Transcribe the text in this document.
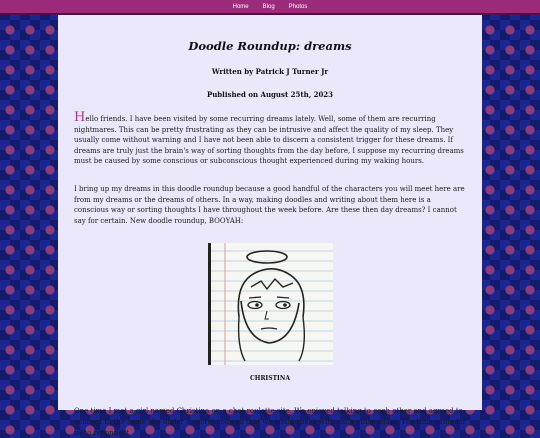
Home Blog Photos
Doodle Roundup: dreams
Written by Patrick J Turner Jr
Published on August 25th, 2023

Hello friends. I have been visited by some recurring dreams lately. Well, some of them are recurring nightmares. This can be pretty frustrating as they can be intrusive and affect the quality of my sleep. They usually come without warning and I have not been able to discern a consistent trigger for these dreams. If dreams are truly just the brain's way of sorting thoughts from the day before, I suppose my recurring dreams must be caused by some conscious or subconscious thought experienced during my waking hours.

I bring up my dreams in this doodle roundup because a good handful of the characters you will meet here are from my dreams or the dreams of others. In a way, making doodles and writing about them here is a conscious way or sorting thoughts I have throughout the week before. Are these then day dreams? I cannot say for certain. New doodle roundup, BOOYAH:

CHRISTINA

One time I met a girl named Christina on a chat roulette site. We enjoyed talking to each other and agreed to connect to the same site under a secret code so that we could speak with each other again. The time came for us to reconnect
